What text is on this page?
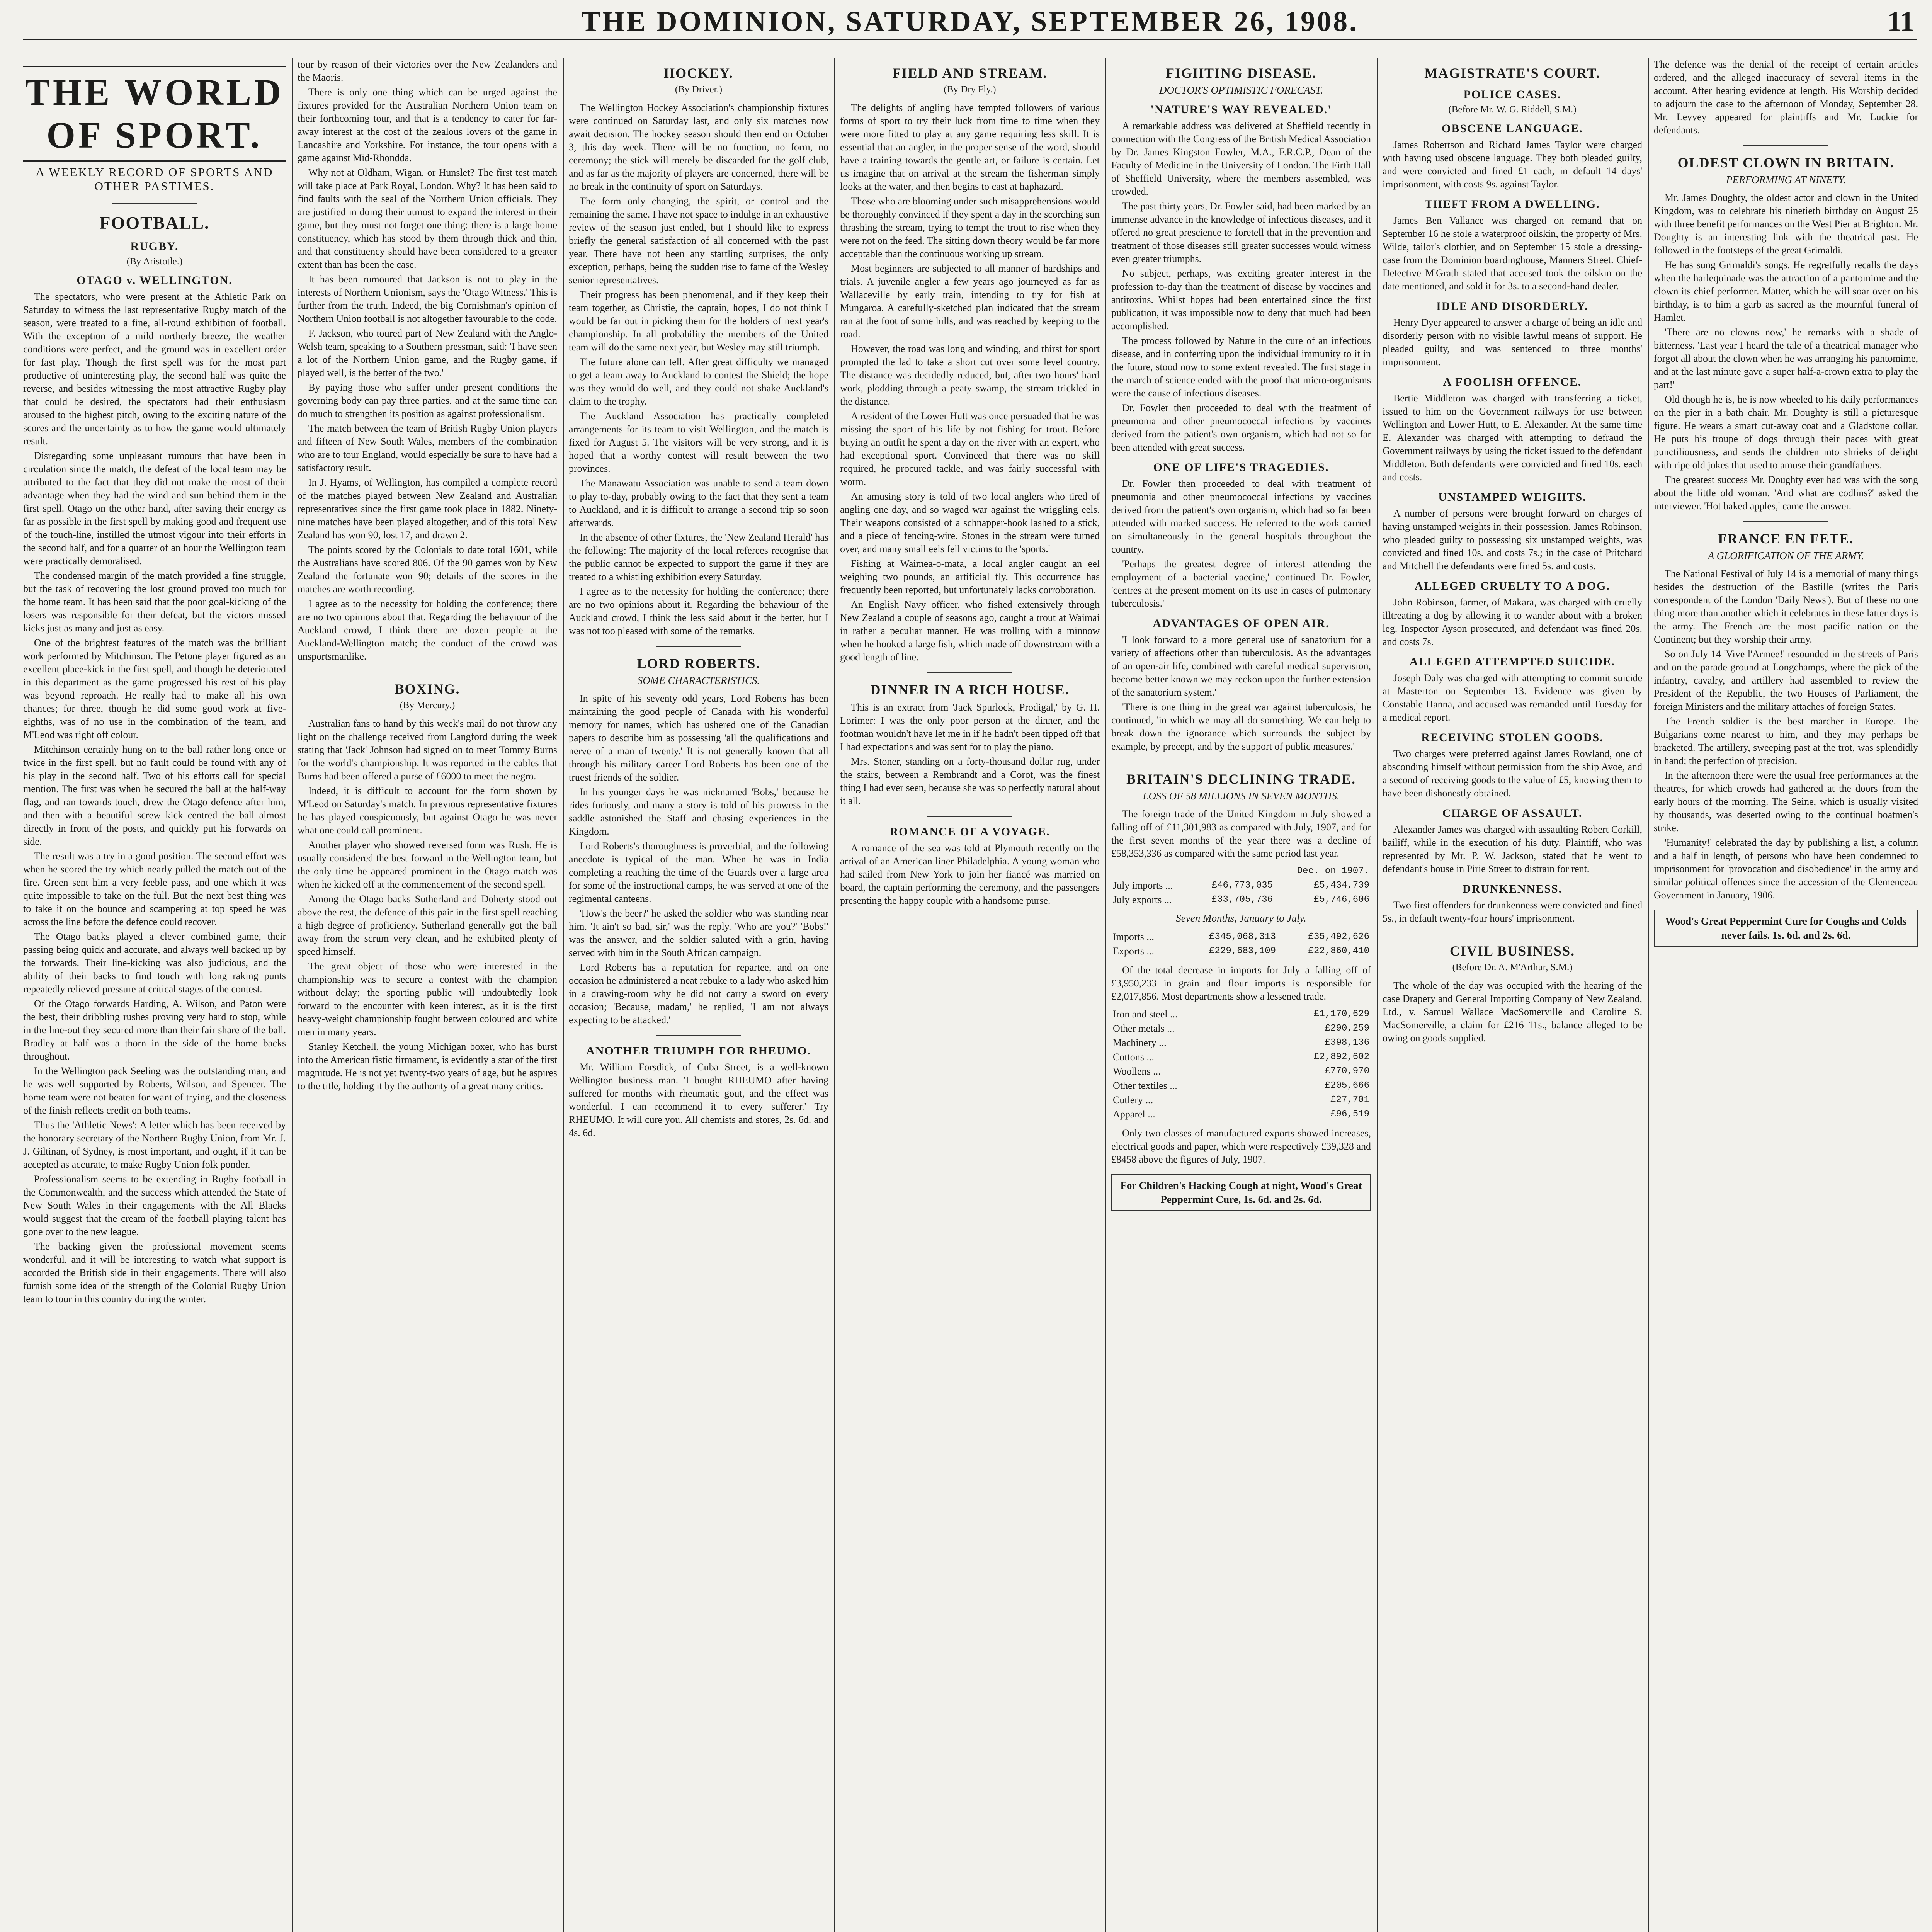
THE DOMINION, SATURDAY, SEPTEMBER 26, 1908.	11
THE WORLD OF SPORT.
A WEEKLY RECORD OF SPORTS AND OTHER PASTIMES.
FOOTBALL.
RUGBY.
(By Aristotle.)
OTAGO v. WELLINGTON.

The spectators, who were present at the Athletic Park on Saturday to witness the last representative Rugby match of the season, were treated to a fine, all-round exhibition of football. With the exception of a mild northerly breeze, the weather conditions were perfect, and the ground was in excellent order for fast play. Though the first spell was for the most part productive of uninteresting play, the second half was quite the reverse, and besides witnessing the most attractive Rugby play that could be desired, the spectators had their enthusiasm aroused to the highest pitch, owing to the exciting nature of the scores and the uncertainty as to how the game would ultimately result.

Disregarding some unpleasant rumours that have been in circulation since the match, the defeat of the local team may be attributed to the fact that they did not make the most of their advantage when they had the wind and sun behind them in the first spell. Otago on the other hand, after saving their energy as far as possible in the first spell by making good and frequent use of the touch-line, instilled the utmost vigour into their efforts in the second half, and for a quarter of an hour the Wellington team were practically demoralised.

The condensed margin of the match provided a fine struggle, but the task of recovering the lost ground proved too much for the home team. It has been said that the poor goal-kicking of the losers was responsible for their defeat, but the victors missed kicks just as many and just as easy.

One of the brightest features of the match was the brilliant work performed by Mitchinson. The Petone player figured as an excellent place-kick in the first spell, and though he deteriorated in this department as the game progressed his rest of his play was beyond reproach. He really had to make all his own chances; for three, though he did some good work at five-eighths, was of no use in the combination of the team, and M'Leod was right off colour.

Mitchinson certainly hung on to the ball rather long once or twice in the first spell, but no fault could be found with any of his play in the second half. Two of his efforts call for special mention. The first was when he secured the ball at the half-way flag, and ran towards touch, drew the Otago defence after him, and then with a beautiful screw kick centred the ball almost directly in front of the posts, and quickly put his forwards on side.

The result was a try in a good position. The second effort was when he scored the try which nearly pulled the match out of the fire. Green sent him a very feeble pass, and one which it was quite impossible to take on the full. But the next best thing was to take it on the bounce and scampering at top speed he was across the line before the defence could recover.

The Otago backs played a clever combined game, their passing being quick and accurate, and always well backed up by the forwards. Their line-kicking was also judicious, and the ability of their backs to find touch with long raking punts repeatedly relieved pressure at critical stages of the contest.

Of the Otago forwards Harding, A. Wilson, and Paton were the best, their dribbling rushes proving very hard to stop, while in the line-out they secured more than their fair share of the ball. Bradley at half was a thorn in the side of the home backs throughout.

In the Wellington pack Seeling was the outstanding man, and he was well supported by Roberts, Wilson, and Spencer. The home team were not beaten for want of trying, and the closeness of the finish reflects credit on both teams.

Thus the 'Athletic News': A letter which has been received by the honorary secretary of the Northern Rugby Union, from Mr. J. J. Giltinan, of Sydney, is most important, and ought, if it can be accepted as accurate, to make Rugby Union folk ponder.

Professionalism seems to be extending in Rugby football in the Commonwealth, and the success which attended the State of New South Wales in their engagements with the All Blacks would suggest that the cream of the football playing talent has gone over to the new league.

The backing given the professional movement seems wonderful, and it will be interesting to watch what support is accorded the British side in their engagements. There will also furnish some idea of the strength of the Colonial Rugby Union team to tour in this country during the winter.

tour by reason of their victories over the New Zealanders and the Maoris.

There is only one thing which can be urged against the fixtures provided for the Australian Northern Union team on their forthcoming tour, and that is a tendency to cater for far-away interest at the cost of the zealous lovers of the game in Lancashire and Yorkshire. For instance, the tour opens with a game against Mid-Rhondda.

Why not at Oldham, Wigan, or Hunslet? The first test match will take place at Park Royal, London. Why? It has been said to find faults with the seal of the Northern Union officials. They are justified in doing their utmost to expand the interest in their game, but they must not forget one thing: there is a large home constituency, which has stood by them through thick and thin, and that constituency should have been considered to a greater extent than has been the case.

It has been rumoured that Jackson is not to play in the interests of Northern Unionism, says the 'Otago Witness.' This is further from the truth. Indeed, the big Cornishman's opinion of Northern Union football is not altogether favourable to the code.

F. Jackson, who toured part of New Zealand with the Anglo-Welsh team, speaking to a Southern pressman, said: 'I have seen a lot of the Northern Union game, and the Rugby game, if played well, is the better of the two.'

By paying those who suffer under present conditions the governing body can pay three parties, and at the same time can do much to strengthen its position as against professionalism.

The match between the team of British Rugby Union players and fifteen of New South Wales, members of the combination who are to tour England, would especially be sure to have had a satisfactory result.

In J. Hyams, of Wellington, has compiled a complete record of the matches played between New Zealand and Australian representatives since the first game took place in 1882. Ninety-nine matches have been played altogether, and of this total New Zealand has won 90, lost 17, and drawn 2.

The points scored by the Colonials to date total 1601, while the Australians have scored 806. Of the 90 games won by New Zealand the fortunate won 90; details of the scores in the matches are worth recording.

I agree as to the necessity for holding the conference; there are no two opinions about that. Regarding the behaviour of the Auckland crowd, I think there are dozen people at the Auckland-Wellington match; the conduct of the crowd was unsportsmanlike.

BOXING.
(By Mercury.)

Australian fans to hand by this week's mail do not throw any light on the challenge received from Langford during the week stating that 'Jack' Johnson had signed on to meet Tommy Burns for the world's championship. It was reported in the cables that Burns had been offered a purse of £6000 to meet the negro.

Indeed, it is difficult to account for the form shown by M'Leod on Saturday's match. In previous representative fixtures he has played conspicuously, but against Otago he was never what one could call prominent.

Another player who showed reversed form was Rush. He is usually considered the best forward in the Wellington team, but the only time he appeared prominent in the Otago match was when he kicked off at the commencement of the second spell.

Among the Otago backs Sutherland and Doherty stood out above the rest, the defence of this pair in the first spell reaching a high degree of proficiency. Sutherland generally got the ball away from the scrum very clean, and he exhibited plenty of speed himself.

The great object of those who were interested in the championship was to secure a contest with the champion without delay; the sporting public will undoubtedly look forward to the encounter with keen interest, as it is the first heavy-weight championship fought between coloured and white men in many years.

Stanley Ketchell, the young Michigan boxer, who has burst into the American fistic firmament, is evidently a star of the first magnitude. He is not yet twenty-two years of age, but he aspires to the title, holding it by the authority of a great many critics.

HOCKEY.
(By Driver.)

The Wellington Hockey Association's championship fixtures were continued on Saturday last, and only six matches now await decision. The hockey season should then end on October 3, this day week. There will be no function, no form, no ceremony; the stick will merely be discarded for the golf club, and as far as the majority of players are concerned, there will be no break in the continuity of sport on Saturdays.

The form only changing, the spirit, or control and the remaining the same. I have not space to indulge in an exhaustive review of the season just ended, but I should like to express briefly the general satisfaction of all concerned with the past year. There have not been any startling surprises, the only exception, perhaps, being the sudden rise to fame of the Wesley senior representatives.

Their progress has been phenomenal, and if they keep their team together, as Christie, the captain, hopes, I do not think I would be far out in picking them for the holders of next year's championship. In all probability the members of the United team will do the same next year, but Wesley may still triumph.

The future alone can tell. After great difficulty we managed to get a team away to Auckland to contest the Shield; the hope was they would do well, and they could not shake Auckland's claim to the trophy.

The Auckland Association has practically completed arrangements for its team to visit Wellington, and the match is fixed for August 5. The visitors will be very strong, and it is hoped that a worthy contest will result between the two provinces.

The Manawatu Association was unable to send a team down to play to-day, probably owing to the fact that they sent a team to Auckland, and it is difficult to arrange a second trip so soon afterwards.

In the absence of other fixtures, the 'New Zealand Herald' has the following: The majority of the local referees recognise that the public cannot be expected to support the game if they are treated to a whistling exhibition every Saturday.

I agree as to the necessity for holding the conference; there are no two opinions about it. Regarding the behaviour of the Auckland crowd, I think the less said about it the better, but I was not too pleased with some of the remarks.

LORD ROBERTS.
SOME CHARACTERISTICS.

In spite of his seventy odd years, Lord Roberts has been maintaining the good people of Canada with his wonderful memory for names, which has ushered one of the Canadian papers to describe him as possessing 'all the qualifications and nerve of a man of twenty.' It is not generally known that all through his military career Lord Roberts has been one of the truest friends of the soldier.

In his younger days he was nicknamed 'Bobs,' because he rides furiously, and many a story is told of his prowess in the saddle astonished the Staff and chasing experiences in the Kingdom.

Lord Roberts's thoroughness is proverbial, and the following anecdote is typical of the man. When he was in India completing a reaching the time of the Guards over a large area for some of the instructional camps, he was served at one of the regimental canteens.

'How's the beer?' he asked the soldier who was standing near him. 'It ain't so bad, sir,' was the reply. 'Who are you?' 'Bobs!' was the answer, and the soldier saluted with a grin, having served with him in the South African campaign.

Lord Roberts has a reputation for repartee, and on one occasion he administered a neat rebuke to a lady who asked him in a drawing-room why he did not carry a sword on every occasion; 'Because, madam,' he replied, 'I am not always expecting to be attacked.'

ANOTHER TRIUMPH FOR RHEUMO.

Mr. William Forsdick, of Cuba Street, is a well-known Wellington business man. 'I bought RHEUMO after having suffered for months with rheumatic gout, and the effect was wonderful. I can recommend it to every sufferer.' Try RHEUMO. It will cure you. All chemists and stores, 2s. 6d. and 4s. 6d.

FIELD AND STREAM.
(By Dry Fly.)

The delights of angling have tempted followers of various forms of sport to try their luck from time to time when they were more fitted to play at any game requiring less skill. It is essential that an angler, in the proper sense of the word, should have a training towards the gentle art, or failure is certain. Let us imagine that on arrival at the stream the fisherman simply looks at the water, and then begins to cast at haphazard.

Those who are blooming under such misapprehensions would be thoroughly convinced if they spent a day in the scorching sun thrashing the stream, trying to tempt the trout to rise when they were not on the feed. The sitting down theory would be far more acceptable than the continuous working up stream.

Most beginners are subjected to all manner of hardships and trials. A juvenile angler a few years ago journeyed as far as Wallaceville by early train, intending to try for fish at Mungaroa. A carefully-sketched plan indicated that the stream ran at the foot of some hills, and was reached by keeping to the road.

However, the road was long and winding, and thirst for sport prompted the lad to take a short cut over some level country. The distance was decidedly reduced, but, after two hours' hard work, plodding through a peaty swamp, the stream trickled in the distance.

A resident of the Lower Hutt was once persuaded that he was missing the sport of his life by not fishing for trout. Before buying an outfit he spent a day on the river with an expert, who had exceptional sport. Convinced that there was no skill required, he procured tackle, and was fairly successful with worm.

An amusing story is told of two local anglers who tired of angling one day, and so waged war against the wriggling eels. Their weapons consisted of a schnapper-hook lashed to a stick, and a piece of fencing-wire. Stones in the stream were turned over, and many small eels fell victims to the 'sports.'

Fishing at Waimea-o-mata, a local angler caught an eel weighing two pounds, an artificial fly. This occurrence has frequently been reported, but unfortunately lacks corroboration.

An English Navy officer, who fished extensively through New Zealand a couple of seasons ago, caught a trout at Waimai in rather a peculiar manner. He was trolling with a minnow when he hooked a large fish, which made off downstream with a good length of line.

DINNER IN A RICH HOUSE.

This is an extract from 'Jack Spurlock, Prodigal,' by G. H. Lorimer: I was the only poor person at the dinner, and the footman wouldn't have let me in if he hadn't been tipped off that I had expectations and was sent for to play the piano.

Mrs. Stoner, standing on a forty-thousand dollar rug, under the stairs, between a Rembrandt and a Corot, was the finest thing I had ever seen, because she was so perfectly natural about it all.

ROMANCE OF A VOYAGE.

A romance of the sea was told at Plymouth recently on the arrival of an American liner Philadelphia. A young woman who had sailed from New York to join her fiancé was married on board, the captain performing the ceremony, and the passengers presenting the happy couple with a handsome purse.

FIGHTING DISEASE.
DOCTOR'S OPTIMISTIC FORECAST.
'NATURE'S WAY REVEALED.'

A remarkable address was delivered at Sheffield recently in connection with the Congress of the British Medical Association by Dr. James Kingston Fowler, M.A., F.R.C.P., Dean of the Faculty of Medicine in the University of London. The Firth Hall of Sheffield University, where the members assembled, was crowded.

The past thirty years, Dr. Fowler said, had been marked by an immense advance in the knowledge of infectious diseases, and it offered no great prescience to foretell that in the prevention and treatment of those diseases still greater successes would witness even greater triumphs.

No subject, perhaps, was exciting greater interest in the profession to-day than the treatment of disease by vaccines and antitoxins. Whilst hopes had been entertained since the first publication, it was impossible now to deny that much had been accomplished.

The process followed by Nature in the cure of an infectious disease, and in conferring upon the individual immunity to it in the future, stood now to some extent revealed. The first stage in the march of science ended with the proof that micro-organisms were the cause of infectious diseases.

Dr. Fowler then proceeded to deal with the treatment of pneumonia and other pneumococcal infections by vaccines derived from the patient's own organism, which had not so far been attended with great success.

ONE OF LIFE'S TRAGEDIES.

Dr. Fowler then proceeded to deal with treatment of pneumonia and other pneumococcal infections by vaccines derived from the patient's own organism, which had so far been attended with marked success. He referred to the work carried on simultaneously in the general hospitals throughout the country.

'Perhaps the greatest degree of interest attending the employment of a bacterial vaccine,' continued Dr. Fowler, 'centres at the present moment on its use in cases of pulmonary tuberculosis.'

ADVANTAGES OF OPEN AIR.

'I look forward to a more general use of sanatorium for a variety of affections other than tuberculosis. As the advantages of an open-air life, combined with careful medical supervision, become better known we may reckon upon the further extension of the sanatorium system.'

'There is one thing in the great war against tuberculosis,' he continued, 'in which we may all do something. We can help to break down the ignorance which surrounds the subject by example, by precept, and by the support of public measures.'

BRITAIN'S DECLINING TRADE.
LOSS OF 58 MILLIONS IN SEVEN MONTHS.

The foreign trade of the United Kingdom in July showed a falling off of £11,301,983 as compared with July, 1907, and for the first seven months of the year there was a decline of £58,353,336 as compared with the same period last year.

		Dec. on 1907.
July imports ...	£46,773,035	£5,434,739
July exports ...	£33,705,736	£5,746,606
Seven Months, January to July.
Imports ...	£345,068,313	£35,492,626
Exports ...	£229,683,109	£22,860,410

Of the total decrease in imports for July a falling off of £3,950,233 in grain and flour imports is responsible for £2,017,856. Most departments show a lessened trade.

Iron and steel ...	£1,170,629
Other metals ...	£290,259
Machinery ...	£398,136
Cottons ...	£2,892,602
Woollens ...	£770,970
Other textiles ...	£205,666
Cutlery ...	£27,701
Apparel ...	£96,519

Only two classes of manufactured exports showed increases, electrical goods and paper, which were respectively £39,328 and £8458 above the figures of July, 1907.

For Children's Hacking Cough at night, Wood's Great Peppermint Cure, 1s. 6d. and 2s. 6d.
MAGISTRATE'S COURT.
POLICE CASES.
(Before Mr. W. G. Riddell, S.M.)
OBSCENE LANGUAGE.

James Robertson and Richard James Taylor were charged with having used obscene language. They both pleaded guilty, and were convicted and fined £1 each, in default 14 days' imprisonment, with costs 9s. against Taylor.

THEFT FROM A DWELLING.

James Ben Vallance was charged on remand that on September 16 he stole a waterproof oilskin, the property of Mrs. Wilde, tailor's clothier, and on September 15 stole a dressing-case from the Dominion boardinghouse, Manners Street. Chief-Detective M'Grath stated that accused took the oilskin on the date mentioned, and sold it for 3s. to a second-hand dealer.

IDLE AND DISORDERLY.

Henry Dyer appeared to answer a charge of being an idle and disorderly person with no visible lawful means of support. He pleaded guilty, and was sentenced to three months' imprisonment.

A FOOLISH OFFENCE.

Bertie Middleton was charged with transferring a ticket, issued to him on the Government railways for use between Wellington and Lower Hutt, to E. Alexander. At the same time E. Alexander was charged with attempting to defraud the Government railways by using the ticket issued to the defendant Middleton. Both defendants were convicted and fined 10s. each and costs.

UNSTAMPED WEIGHTS.

A number of persons were brought forward on charges of having unstamped weights in their possession. James Robinson, who pleaded guilty to possessing six unstamped weights, was convicted and fined 10s. and costs 7s.; in the case of Pritchard and Mitchell the defendants were fined 5s. and costs.

ALLEGED CRUELTY TO A DOG.

John Robinson, farmer, of Makara, was charged with cruelly illtreating a dog by allowing it to wander about with a broken leg. Inspector Ayson prosecuted, and defendant was fined 20s. and costs 7s.

ALLEGED ATTEMPTED SUICIDE.

Joseph Daly was charged with attempting to commit suicide at Masterton on September 13. Evidence was given by Constable Hanna, and accused was remanded until Tuesday for a medical report.

RECEIVING STOLEN GOODS.

Two charges were preferred against James Rowland, one of absconding himself without permission from the ship Avoe, and a second of receiving goods to the value of £5, knowing them to have been dishonestly obtained.

CHARGE OF ASSAULT.

Alexander James was charged with assaulting Robert Corkill, bailiff, while in the execution of his duty. Plaintiff, who was represented by Mr. P. W. Jackson, stated that he went to defendant's house in Pirie Street to distrain for rent.

DRUNKENNESS.

Two first offenders for drunkenness were convicted and fined 5s., in default twenty-four hours' imprisonment.

CIVIL BUSINESS.
(Before Dr. A. M'Arthur, S.M.)

The whole of the day was occupied with the hearing of the case Drapery and General Importing Company of New Zealand, Ltd., v. Samuel Wallace MacSomerville and Caroline S. MacSomerville, a claim for £216 11s., balance alleged to be owing on goods supplied.

The defence was the denial of the receipt of certain articles ordered, and the alleged inaccuracy of several items in the account. After hearing evidence at length, His Worship decided to adjourn the case to the afternoon of Monday, September 28. Mr. Levvey appeared for plaintiffs and Mr. Luckie for defendants.

OLDEST CLOWN IN BRITAIN.
PERFORMING AT NINETY.

Mr. James Doughty, the oldest actor and clown in the United Kingdom, was to celebrate his ninetieth birthday on August 25 with three benefit performances on the West Pier at Brighton. Mr. Doughty is an interesting link with the theatrical past. He followed in the footsteps of the great Grimaldi.

He has sung Grimaldi's songs. He regretfully recalls the days when the harlequinade was the attraction of a pantomime and the clown its chief performer. Matter, which he will soar over on his birthday, is to him a garb as sacred as the mournful funeral of Hamlet.

'There are no clowns now,' he remarks with a shade of bitterness. 'Last year I heard the tale of a theatrical manager who forgot all about the clown when he was arranging his pantomime, and at the last minute gave a super half-a-crown extra to play the part!'

Old though he is, he is now wheeled to his daily performances on the pier in a bath chair. Mr. Doughty is still a picturesque figure. He wears a smart cut-away coat and a Gladstone collar. He puts his troupe of dogs through their paces with great punctiliousness, and sends the children into shrieks of delight with ripe old jokes that used to amuse their grandfathers.

The greatest success Mr. Doughty ever had was with the song about the little old woman. 'And what are codlins?' asked the interviewer. 'Hot baked apples,' came the answer.

FRANCE EN FETE.
A GLORIFICATION OF THE ARMY.

The National Festival of July 14 is a memorial of many things besides the destruction of the Bastille (writes the Paris correspondent of the London 'Daily News'). But of these no one thing more than another which it celebrates in these latter days is the army. The French are the most pacific nation on the Continent; but they worship their army.

So on July 14 'Vive l'Armee!' resounded in the streets of Paris and on the parade ground at Longchamps, where the pick of the infantry, cavalry, and artillery had assembled to review the President of the Republic, the two Houses of Parliament, the foreign Ministers and the military attaches of foreign States.

The French soldier is the best marcher in Europe. The Bulgarians come nearest to him, and they may perhaps be bracketed. The artillery, sweeping past at the trot, was splendidly in hand; the perfection of precision.

In the afternoon there were the usual free performances at the theatres, for which crowds had gathered at the doors from the early hours of the morning. The Seine, which is usually visited by thousands, was deserted owing to the continual boatmen's strike.

'Humanity!' celebrated the day by publishing a list, a column and a half in length, of persons who have been condemned to imprisonment for 'provocation and disobedience' in the army and similar political offences since the accession of the Clemenceau Government in January, 1906.

Wood's Great Peppermint Cure for Coughs and Colds never fails. 1s. 6d. and 2s. 6d.
